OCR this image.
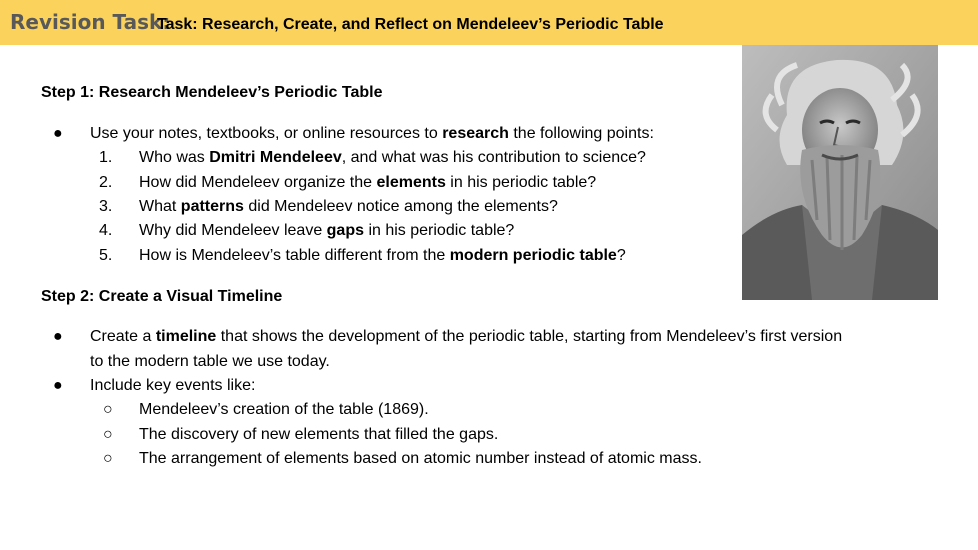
Revision Task:
Task: Research, Create, and Reflect on Mendeleev’s Periodic Table
Step 1: Research Mendeleev’s Periodic Table
● Use your notes, textbooks, or online resources to research the following points:
1. Who was Dmitri Mendeleev, and what was his contribution to science?
2. How did Mendeleev organize the elements in his periodic table?
3. What patterns did Mendeleev notice among the elements?
4. Why did Mendeleev leave gaps in his periodic table?
5. How is Mendeleev’s table different from the modern periodic table?
Step 2: Create a Visual Timeline
● Create a timeline that shows the development of the periodic table, starting from Mendeleev’s first version
to the modern table we use today.
● Include key events like:
○ Mendeleev’s creation of the table (1869).
○ The discovery of new elements that filled the gaps.
○ The arrangement of elements based on atomic number instead of atomic mass.
